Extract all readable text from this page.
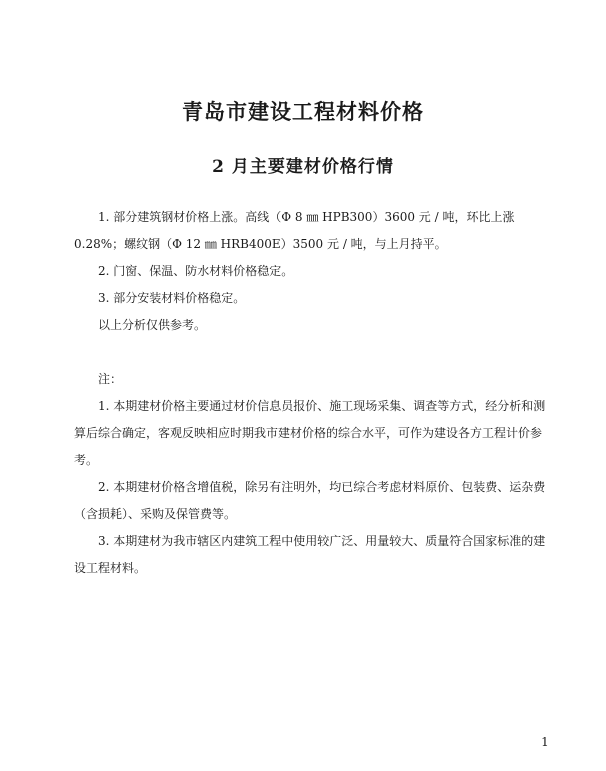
青岛市建设工程材料价格
2 月主要建材价格行情

1. 部分建筑钢材价格上涨。高线（Φ 8 ㎜ HPB300）3600 元 / 吨，环比上涨 0.28%；螺纹钢（Φ 12 ㎜ HRB400E）3500 元 / 吨，与上月持平。

2. 门窗、保温、防水材料价格稳定。

3. 部分安装材料价格稳定。

以上分析仅供参考。

注：

1. 本期建材价格主要通过材价信息员报价、施工现场采集、调查等方式，经分析和测算后综合确定，客观反映相应时期我市建材价格的综合水平，可作为建设各方工程计价参考。

2. 本期建材价格含增值税，除另有注明外，均已综合考虑材料原价、包装费、运杂费（含损耗）、采购及保管费等。

3. 本期建材为我市辖区内建筑工程中使用较广泛、用量较大、质量符合国家标准的建设工程材料。

1
